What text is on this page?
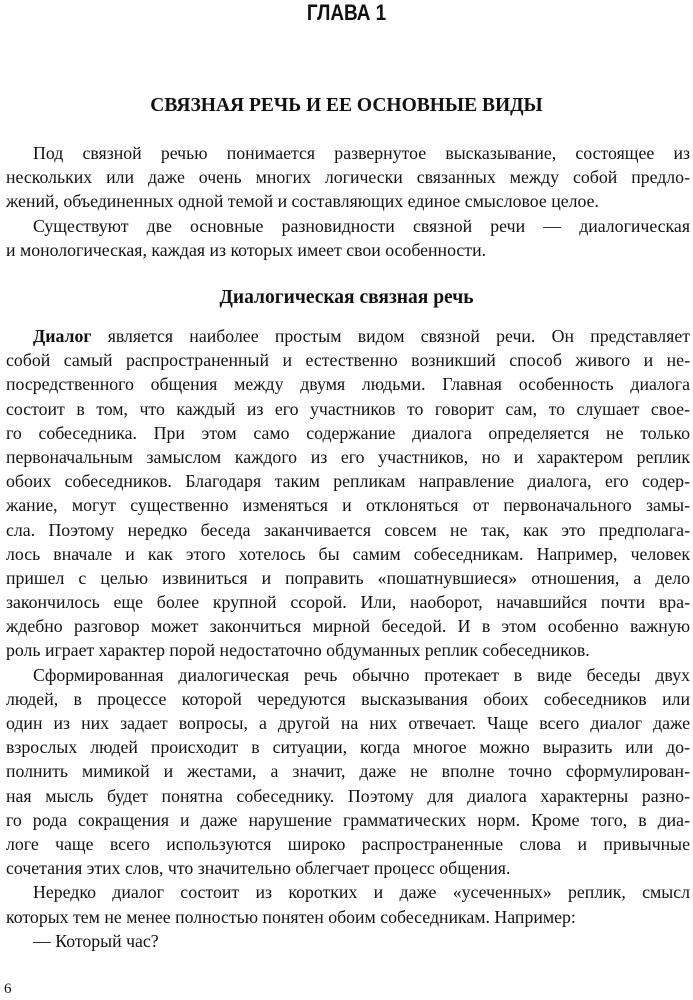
ГЛАВА 1
СВЯЗНАЯ РЕЧЬ И ЕЕ ОСНОВНЫЕ ВИДЫ
Под связной речью понимается развернутое высказывание, состоящее из
нескольких или даже очень многих логически связанных между собой предло-
жений, объединенных одной темой и составляющих единое смысловое целое.
Существуют две основные разновидности связной речи — диалогическая
и монологическая, каждая из которых имеет свои особенности.
Диалогическая связная речь
Диалог является наиболее простым видом связной речи. Он представляет
собой самый распространенный и естественно возникший способ живого и не-
посредственного общения между двумя людьми. Главная особенность диалога
состоит в том, что каждый из его участников то говорит сам, то слушает свое-
го собеседника. При этом само содержание диалога определяется не только
первоначальным замыслом каждого из его участников, но и характером реплик
обоих собеседников. Благодаря таким репликам направление диалога, его содер-
жание, могут существенно изменяться и отклоняться от первоначального замы-
сла. Поэтому нередко беседа заканчивается совсем не так, как это предполага-
лось вначале и как этого хотелось бы самим собеседникам. Например, человек
пришел с целью извиниться и поправить «пошатнувшиеся» отношения, а дело
закончилось еще более крупной ссорой. Или, наоборот, начавшийся почти вра-
ждебно разговор может закончиться мирной беседой. И в этом особенно важную
роль играет характер порой недостаточно обдуманных реплик собеседников.
Сформированная диалогическая речь обычно протекает в виде беседы двух
людей, в процессе которой чередуются высказывания обоих собеседников или
один из них задает вопросы, а другой на них отвечает. Чаще всего диалог даже
взрослых людей происходит в ситуации, когда многое можно выразить или до-
полнить мимикой и жестами, а значит, даже не вполне точно сформулирован-
ная мысль будет понятна собеседнику. Поэтому для диалога характерны разно-
го рода сокращения и даже нарушение грамматических норм. Кроме того, в диа-
логе чаще всего используются широко распространенные слова и привычные
сочетания этих слов, что значительно облегчает процесс общения.
Нередко диалог состоит из коротких и даже «усеченных» реплик, смысл
которых тем не менее полностью понятен обоим собеседникам. Например:
— Который час?
6
